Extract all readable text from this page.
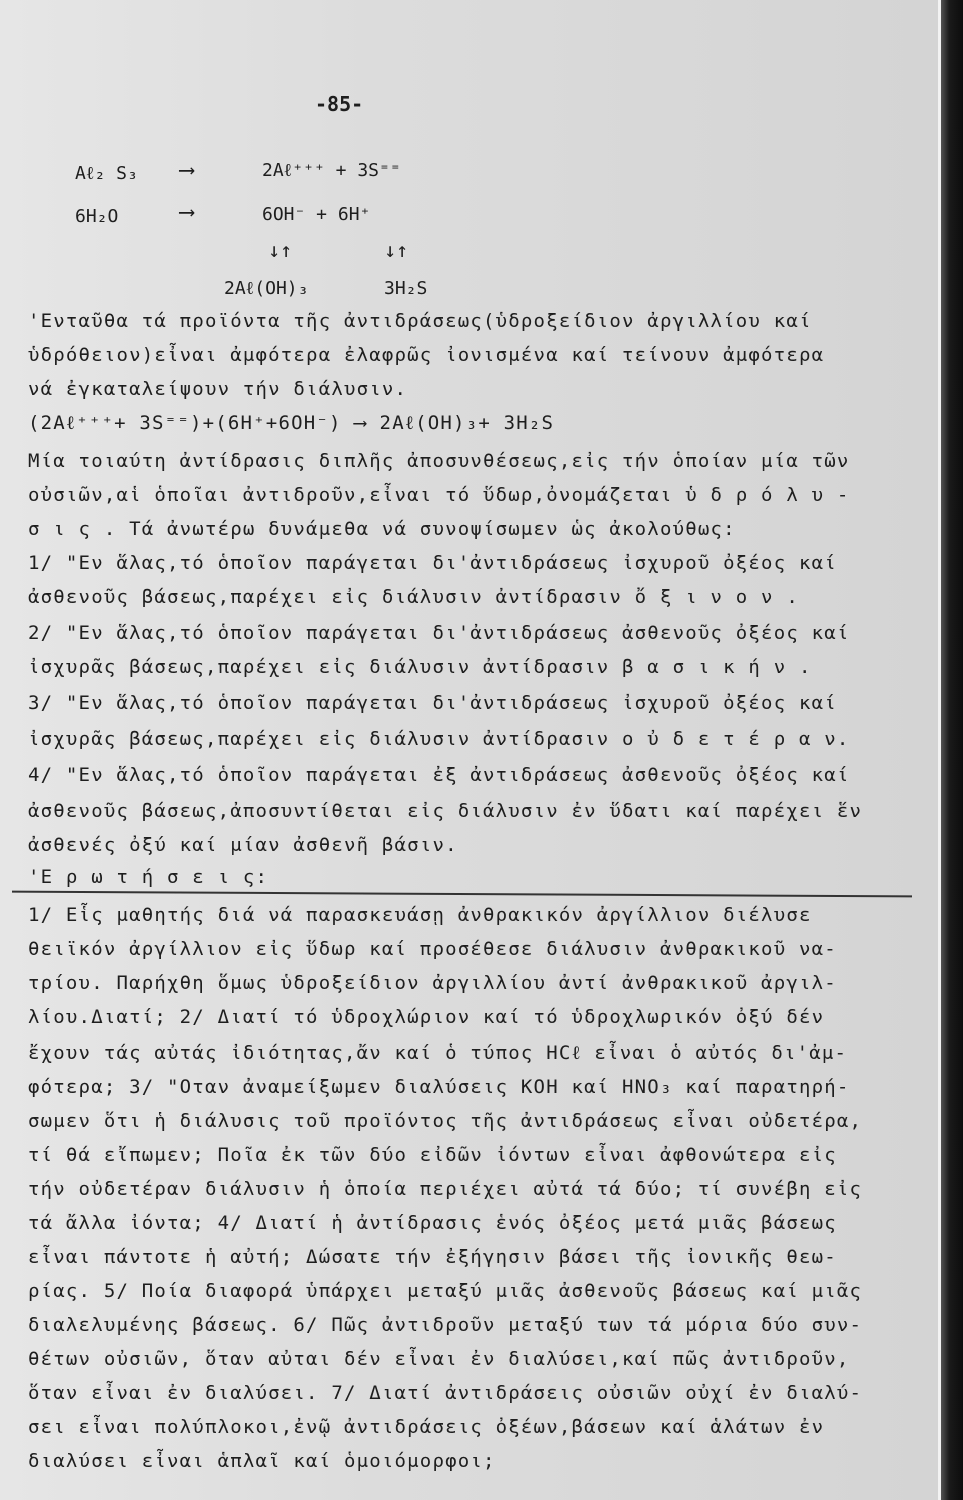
-85-
Aℓ₂ S₃ ⟶	2Aℓ⁺⁺⁺ + 3S⁼⁼
6H₂O	⟶	6OH⁻ + 6H⁺
↓↑	↓↑
2Aℓ(OH)₃	3H₂S
'Ενταῦθα τά προϊόντα τῆς ἀντιδράσεως(ὑδροξείδιον ἀργιλλίου καί
ὑδρόθειον)εἶναι ἀμφότερα ἐλαφρῶς ἰονισμένα καί τείνουν ἀμφότερα
νά ἐγκαταλείψουν τήν διάλυσιν.
(2Aℓ⁺⁺⁺+ 3S⁼⁼)+(6H⁺+6OH⁻) ⟶ 2Aℓ(OH)₃+ 3H₂S
Μία τοιαύτη ἀντίδρασις διπλῆς ἀποσυνθέσεως,εἰς τήν ὁποίαν μία τῶν
οὐσιῶν,αἱ ὁποῖαι ἀντιδροῦν,εἶναι τό ὕδωρ,ὀνομάζεται ὑ δ ρ ό λ υ -
σ ι ς . Τά ἀνωτέρω δυνάμεθα νά συνοψίσωμεν ὡς ἀκολούθως:
1/ "Εν ἅλας,τό ὁποῖον παράγεται δι'ἀντιδράσεως ἰσχυροῦ ὀξέος καί
ἀσθενοῦς βάσεως,παρέχει εἰς διάλυσιν ἀντίδρασιν ὄ ξ ι ν ο ν .
2/ "Εν ἅλας,τό ὁποῖον παράγεται δι'ἀντιδράσεως ἀσθενοῦς ὀξέος καί
ἰσχυρᾶς βάσεως,παρέχει εἰς διάλυσιν ἀντίδρασιν β α σ ι κ ή ν .
3/ "Εν ἅλας,τό ὁποῖον παράγεται δι'ἀντιδράσεως ἰσχυροῦ ὀξέος καί
ἰσχυρᾶς βάσεως,παρέχει εἰς διάλυσιν ἀντίδρασιν ο ὐ δ ε τ έ ρ α ν.
4/ "Εν ἅλας,τό ὁποῖον παράγεται ἐξ ἀντιδράσεως ἀσθενοῦς ὀξέος καί
ἀσθενοῦς βάσεως,ἀποσυντίθεται εἰς διάλυσιν ἐν ὕδατι καί παρέχει ἕν
ἀσθενές ὀξύ καί μίαν ἀσθενῆ βάσιν.
'Ε ρ ω τ ή σ ε ι ς:
1/ Εἷς μαθητής διά νά παρασκευάσῃ ἀνθρακικόν ἀργίλλιον διέλυσε
θειϊκόν ἀργίλλιον εἰς ὕδωρ καί προσέθεσε διάλυσιν ἀνθρακικοῦ να-
τρίου. Παρήχθη ὅμως ὑδροξείδιον ἀργιλλίου ἀντί ἀνθρακικοῦ ἀργιλ-
λίου.Διατί; 2/ Διατί τό ὑδροχλώριον καί τό ὑδροχλωρικόν ὀξύ δέν
ἔχουν τάς αὐτάς ἰδιότητας,ἄν καί ὁ τύπος HCℓ εἶναι ὁ αὐτός δι'ἀμ-
φότερα; 3/ "Οταν ἀναμείξωμεν διαλύσεις KOH καί HNO₃ καί παρατηρή-
σωμεν ὅτι ἡ διάλυσις τοῦ προϊόντος τῆς ἀντιδράσεως εἶναι οὐδετέρα,
τί θά εἴπωμεν; Ποῖα ἐκ τῶν δύο εἰδῶν ἰόντων εἶναι ἀφθονώτερα εἰς
τήν οὐδετέραν διάλυσιν ἡ ὁποία περιέχει αὐτά τά δύο; τί συνέβη εἰς
τά ἄλλα ἰόντα; 4/ Διατί ἡ ἀντίδρασις ἑνός ὀξέος μετά μιᾶς βάσεως
εἶναι πάντοτε ἡ αὐτή; Δώσατε τήν ἐξήγησιν βάσει τῆς ἰονικῆς θεω-
ρίας. 5/ Ποία διαφορά ὑπάρχει μεταξύ μιᾶς ἀσθενοῦς βάσεως καί μιᾶς
διαλελυμένης βάσεως. 6/ Πῶς ἀντιδροῦν μεταξύ των τά μόρια δύο συν-
θέτων οὐσιῶν, ὅταν αὐται δέν εἶναι ἐν διαλύσει,καί πῶς ἀντιδροῦν,
ὅταν εἶναι ἐν διαλύσει. 7/ Διατί ἀντιδράσεις οὐσιῶν οὐχί ἐν διαλύ-
σει εἶναι πολύπλοκοι,ἐνῷ ἀντιδράσεις ὀξέων,βάσεων καί ἁλάτων ἐν
διαλύσει εἶναι ἁπλαῖ καί ὁμοιόμορφοι;
